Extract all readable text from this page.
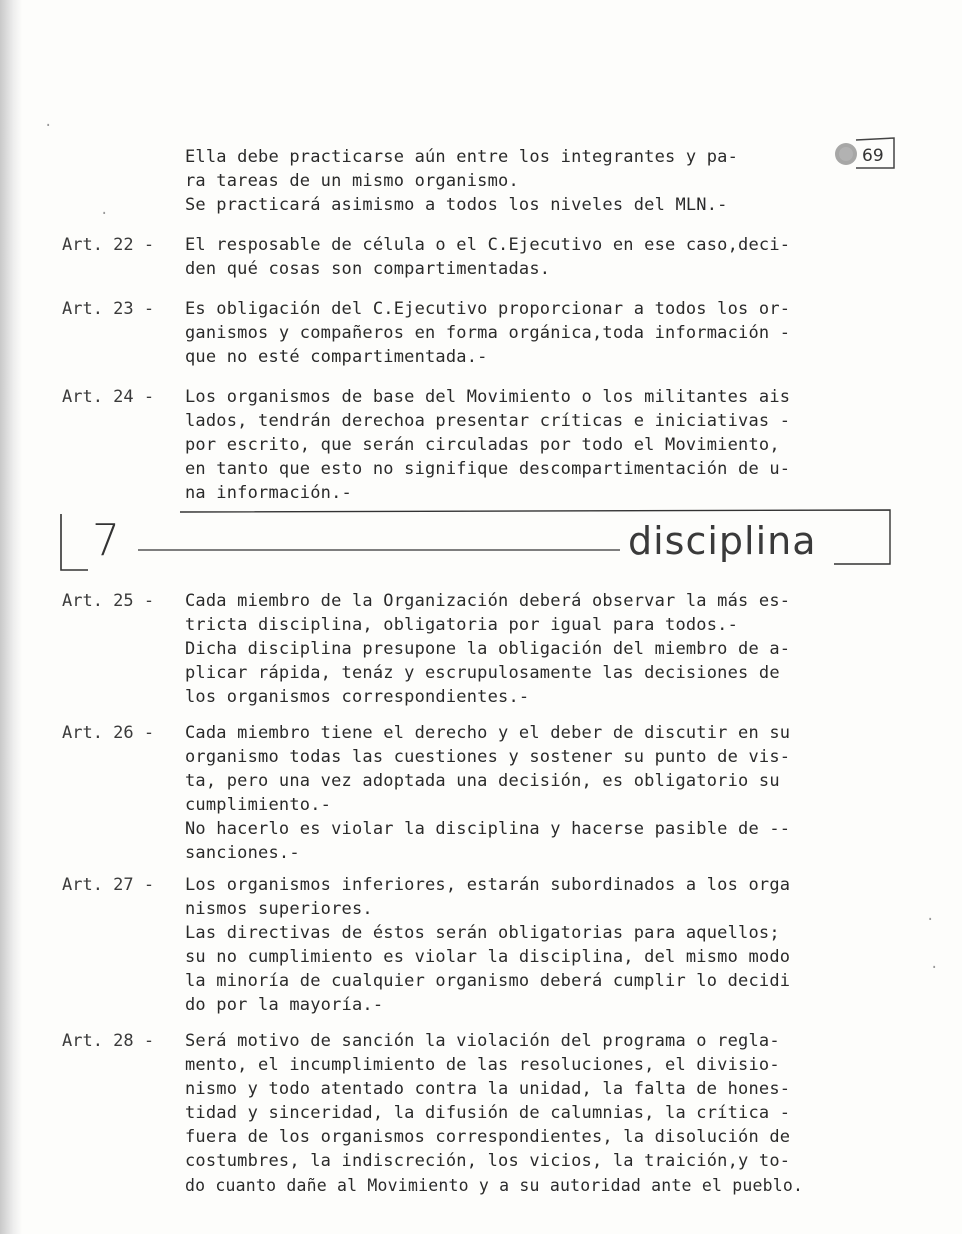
69
Ella debe practicarse aún entre los integrantes y pa-
ra tareas de un mismo organismo.
Se practicará asimismo a todos los niveles del MLN.-
Art. 22 - El resposable de célula o el C.Ejecutivo en ese caso,deci-
den qué cosas son compartimentadas.
Art. 23 - Es obligación del C.Ejecutivo proporcionar a todos los or-
ganismos y compañeros en forma orgánica,toda información -
que no esté compartimentada.-
Art. 24 - Los organismos de base del Movimiento o los militantes ais
lados, tendrán derechoa presentar críticas e iniciativas -
por escrito, que serán circuladas por todo el Movimiento,
en tanto que esto no signifique descompartimentación de u-
na información.-
7	disciplina
Art. 25 - Cada miembro de la Organización deberá observar la más es-
tricta disciplina, obligatoria por igual para todos.-
Dicha disciplina presupone la obligación del miembro de a-
plicar rápida, tenáz y escrupulosamente las decisiones de
los organismos correspondientes.-
Art. 26 - Cada miembro tiene el derecho y el deber de discutir en su
organismo todas las cuestiones y sostener su punto de vis-
ta, pero una vez adoptada una decisión, es obligatorio su
cumplimiento.-
No hacerlo es violar la disciplina y hacerse pasible de --
sanciones.-
Art. 27 - Los organismos inferiores, estarán subordinados a los orga
nismos superiores.
Las directivas de éstos serán obligatorias para aquellos;
su no cumplimiento es violar la disciplina, del mismo modo
la minoría de cualquier organismo deberá cumplir lo decidi
do por la mayoría.-
Art. 28 - Será motivo de sanción la violación del programa o regla-
mento, el incumplimiento de las resoluciones, el divisio-
nismo y todo atentado contra la unidad, la falta de hones-
tidad y sinceridad, la difusión de calumnias, la crítica -
fuera de los organismos correspondientes, la disolución de
costumbres, la indiscreción, los vicios, la traición,y to-
do cuanto dañe al Movimiento y a su autoridad ante el pueblo.
·
·
·
·
